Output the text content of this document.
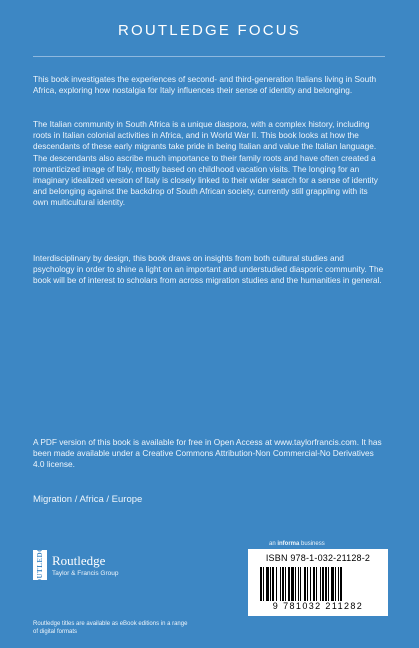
ROUTLEDGE FOCUS
This book investigates the experiences of second- and third-generation Italians living in South Africa, exploring how nostalgia for Italy influences their sense of identity and belonging.
The Italian community in South Africa is a unique diaspora, with a complex history, including roots in Italian colonial activities in Africa, and in World War II. This book looks at how the descendants of these early migrants take pride in being Italian and value the Italian language. The descendants also ascribe much importance to their family roots and have often created a romanticized image of Italy, mostly based on childhood vacation visits. The longing for an imaginary idealized version of Italy is closely linked to their wider search for a sense of identity and belonging against the backdrop of South African society, currently still grappling with its own multicultural identity.
Interdisciplinary by design, this book draws on insights from both cultural studies and psychology in order to shine a light on an important and understudied diasporic community. The book will be of interest to scholars from across migration studies and the humanities in general.
A PDF version of this book is available for free in Open Access at www.taylorfrancis.com. It has been made available under a Creative Commons Attribution-Non Commercial-No Derivatives 4.0 license.
Migration / Africa / Europe
an informa business
ROUTLEDGE Routledge
Taylor & Francis Group
ISBN 978-1-032-21128-2
9 781032 211282
Routledge titles are available as eBook editions in a range of digital formats
